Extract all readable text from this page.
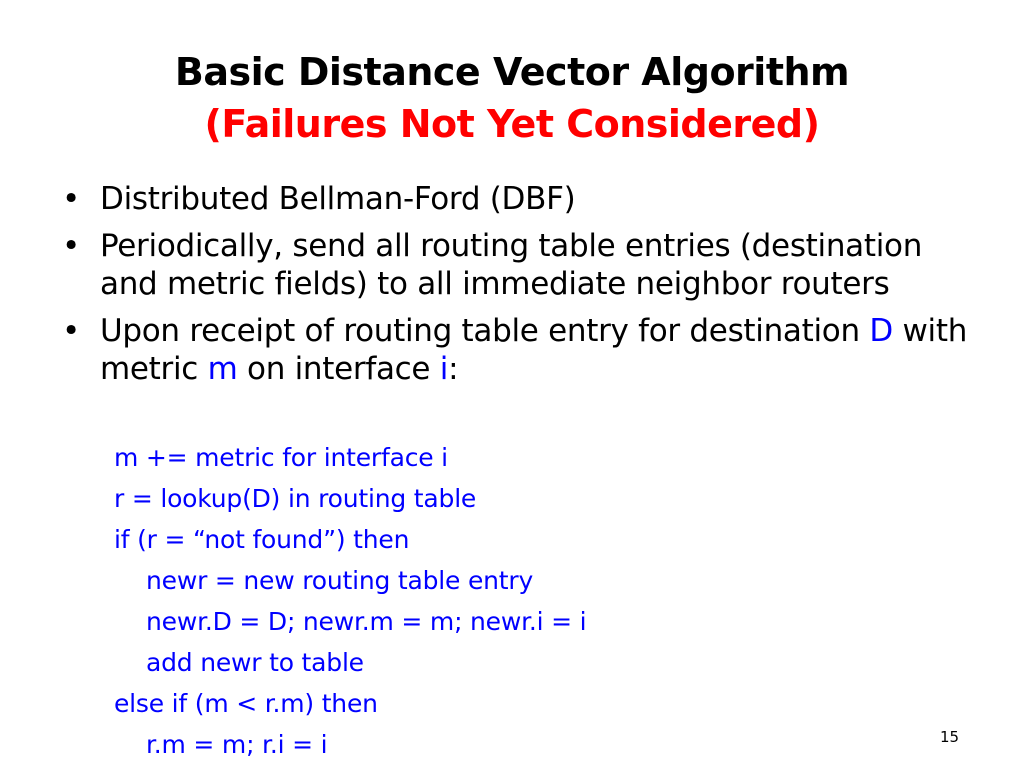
Basic Distance Vector Algorithm
(Failures Not Yet Considered)
• Distributed Bellman-Ford (DBF)
• Periodically, send all routing table entries (destination and metric fields) to all immediate neighbor routers
• Upon receipt of routing table entry for destination D with metric m on interface i:
m += metric for interface i
r = lookup(D) in routing table
if (r = “not found”) then
newr = new routing table entry
newr.D = D; newr.m = m; newr.i = i
add newr to table
else if (m < r.m) then
r.m = m; r.i = i	15
